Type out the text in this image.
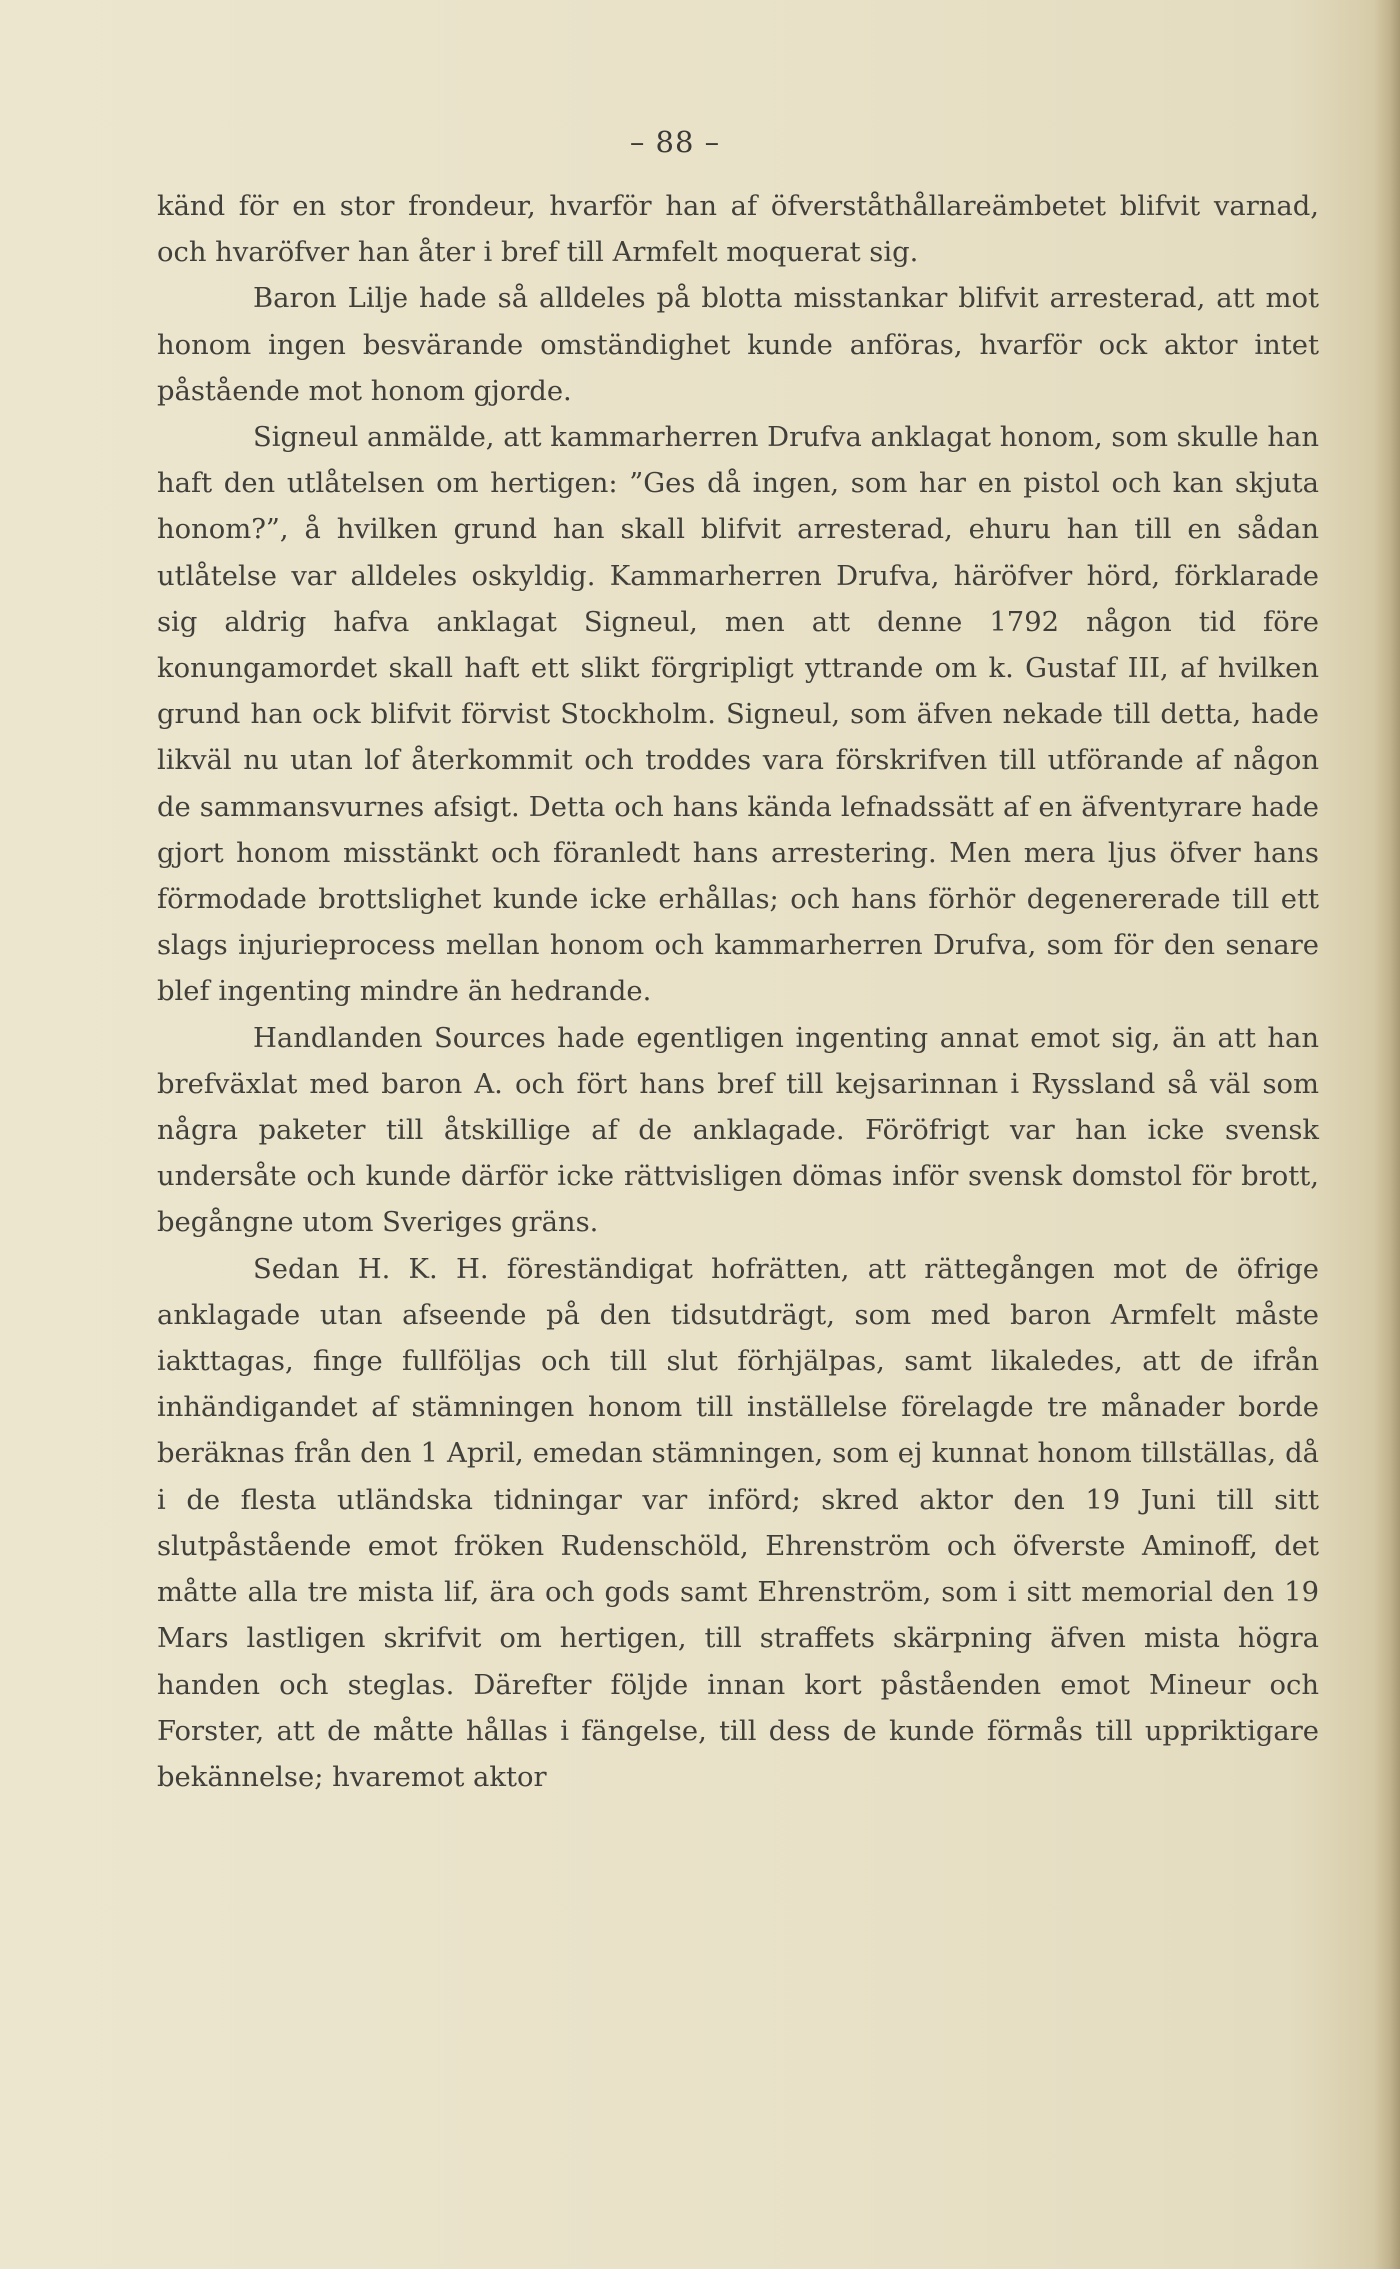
– 88 –

känd för en stor frondeur, hvarför han af öfverståthållareämbetet blifvit varnad, och hvaröfver han åter i bref till Armfelt moquerat sig.

Baron Lilje hade så alldeles på blotta misstankar blifvit arresterad, att mot honom ingen besvärande omständighet kunde anföras, hvarför ock aktor intet påstående mot honom gjorde.

Signeul anmälde, att kammarherren Drufva anklagat honom, som skulle han haft den utlåtelsen om hertigen: ”Ges då ingen, som har en pistol och kan skjuta honom?”, å hvilken grund han skall blifvit arresterad, ehuru han till en sådan utlåtelse var alldeles oskyldig. Kammarherren Drufva, häröfver hörd, förklarade sig aldrig hafva anklagat Signeul, men att denne 1792 någon tid före konungamordet skall haft ett slikt förgripligt yttrande om k. Gustaf III, af hvilken grund han ock blifvit förvist Stockholm. Signeul, som äfven nekade till detta, hade likväl nu utan lof återkommit och troddes vara förskrifven till utförande af någon de sammansvurnes afsigt. Detta och hans kända lefnadssätt af en äfventyrare hade gjort honom misstänkt och föranledt hans arrestering. Men mera ljus öfver hans förmodade brottslighet kunde icke erhållas; och hans förhör degenererade till ett slags injurieprocess mellan honom och kammarherren Drufva, som för den senare blef ingenting mindre än hedrande.

Handlanden Sources hade egentligen ingenting annat emot sig, än att han brefväxlat med baron A. och fört hans bref till kejsarinnan i Ryssland så väl som några paketer till åtskillige af de anklagade. Föröfrigt var han icke svensk undersåte och kunde därför icke rättvisligen dömas inför svensk domstol för brott, begångne utom Sveriges gräns.

Sedan H. K. H. föreständigat hofrätten, att rättegången mot de öfrige anklagade utan afseende på den tidsutdrägt, som med baron Armfelt måste iakttagas, finge fullföljas och till slut förhjälpas, samt likaledes, att de ifrån inhändigandet af stämningen honom till inställelse förelagde tre månader borde beräknas från den 1 April, emedan stämningen, som ej kunnat honom tillställas, då i de flesta utländska tidningar var införd; skred aktor den 19 Juni till sitt slutpåstående emot fröken Rudenschöld, Ehrenström och öfverste Aminoff, det måtte alla tre mista lif, ära och gods samt Ehrenström, som i sitt memorial den 19 Mars lastligen skrifvit om hertigen, till straffets skärpning äfven mista högra handen och steglas. Därefter följde innan kort påståenden emot Mineur och Forster, att de måtte hållas i fängelse, till dess de kunde förmås till uppriktigare bekännelse; hvaremot aktor
